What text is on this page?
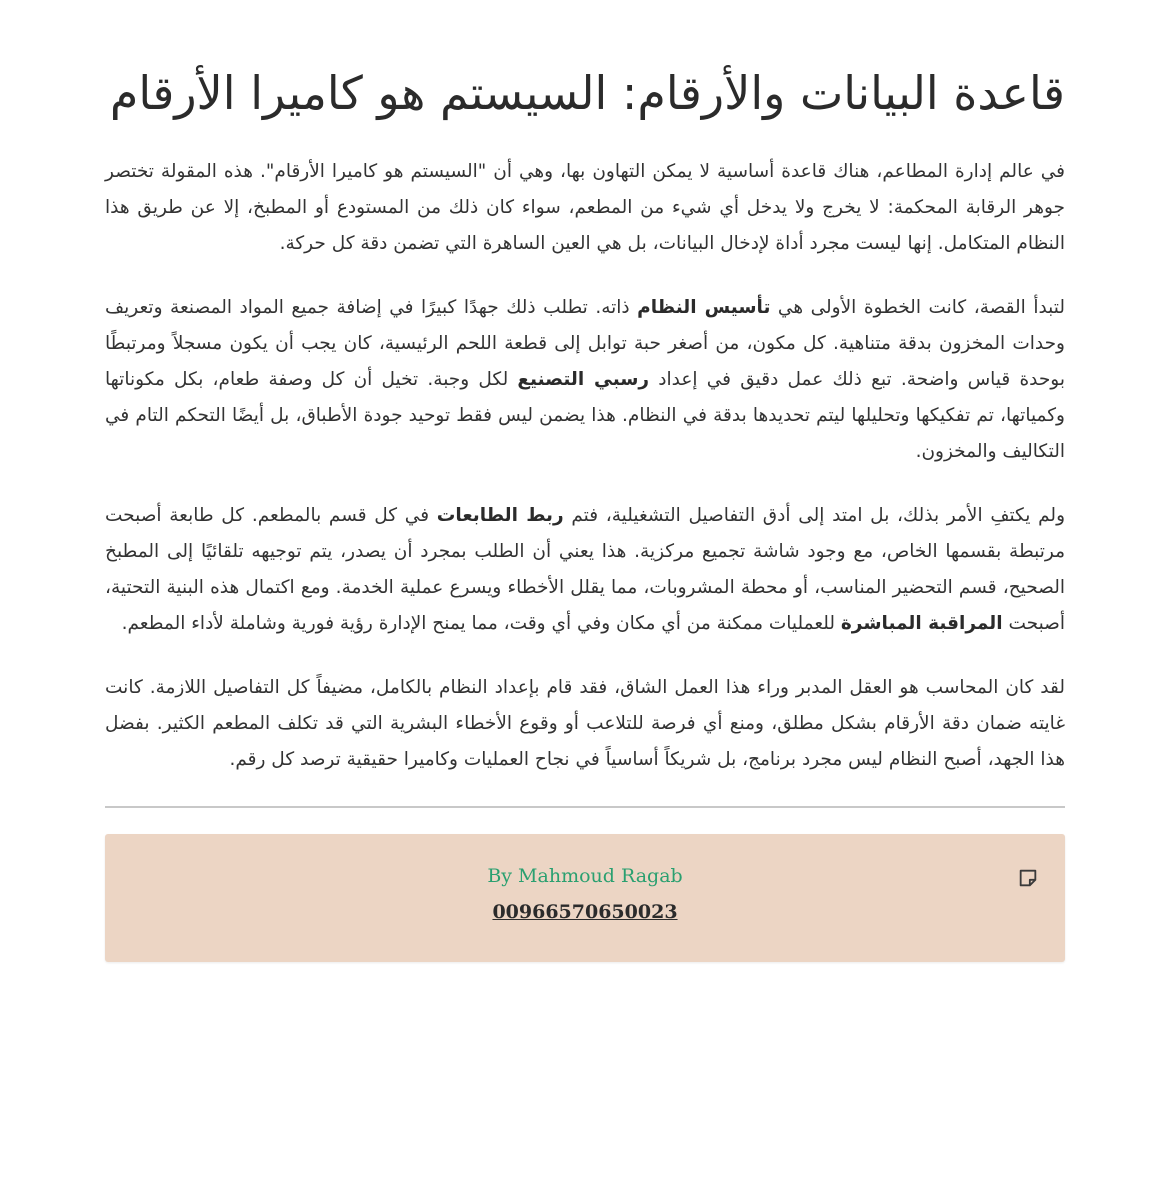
قاعدة البيانات والأرقام: السيستم هو كاميرا الأرقام

في عالم إدارة المطاعم، هناك قاعدة أساسية لا يمكن التهاون بها، وهي أن "السيستم هو كاميرا الأرقام". هذه المقولة تختصر جوهر الرقابة المحكمة: لا يخرج ولا يدخل أي شيء من المطعم، سواء كان ذلك من المستودع أو المطبخ، إلا عن طريق هذا النظام المتكامل. إنها ليست مجرد أداة لإدخال البيانات، بل هي العين الساهرة التي تضمن دقة كل حركة.

لتبدأ القصة، كانت الخطوة الأولى هي تأسيس النظام ذاته. تطلب ذلك جهدًا كبيرًا في إضافة جميع المواد المصنعة وتعريف وحدات المخزون بدقة متناهية. كل مكون، من أصغر حبة توابل إلى قطعة اللحم الرئيسية، كان يجب أن يكون مسجلاً ومرتبطًا بوحدة قياس واضحة. تبع ذلك عمل دقيق في إعداد رسبي التصنيع لكل وجبة. تخيل أن كل وصفة طعام، بكل مكوناتها وكمياتها، تم تفكيكها وتحليلها ليتم تحديدها بدقة في النظام. هذا يضمن ليس فقط توحيد جودة الأطباق، بل أيضًا التحكم التام في التكاليف والمخزون.

ولم يكتفِ الأمر بذلك، بل امتد إلى أدق التفاصيل التشغيلية، فتم ربط الطابعات في كل قسم بالمطعم. كل طابعة أصبحت مرتبطة بقسمها الخاص، مع وجود شاشة تجميع مركزية. هذا يعني أن الطلب بمجرد أن يصدر، يتم توجيهه تلقائيًا إلى المطبخ الصحيح، قسم التحضير المناسب، أو محطة المشروبات، مما يقلل الأخطاء ويسرع عملية الخدمة. ومع اكتمال هذه البنية التحتية، أصبحت المراقبة المباشرة للعمليات ممكنة من أي مكان وفي أي وقت، مما يمنح الإدارة رؤية فورية وشاملة لأداء المطعم.

لقد كان المحاسب هو العقل المدبر وراء هذا العمل الشاق، فقد قام بإعداد النظام بالكامل، مضيفاً كل التفاصيل اللازمة. كانت غايته ضمان دقة الأرقام بشكل مطلق، ومنع أي فرصة للتلاعب أو وقوع الأخطاء البشرية التي قد تكلف المطعم الكثير. بفضل هذا الجهد، أصبح النظام ليس مجرد برنامج، بل شريكاً أساسياً في نجاح العمليات وكاميرا حقيقية ترصد كل رقم.

By Mahmoud Ragab
00966570650023
